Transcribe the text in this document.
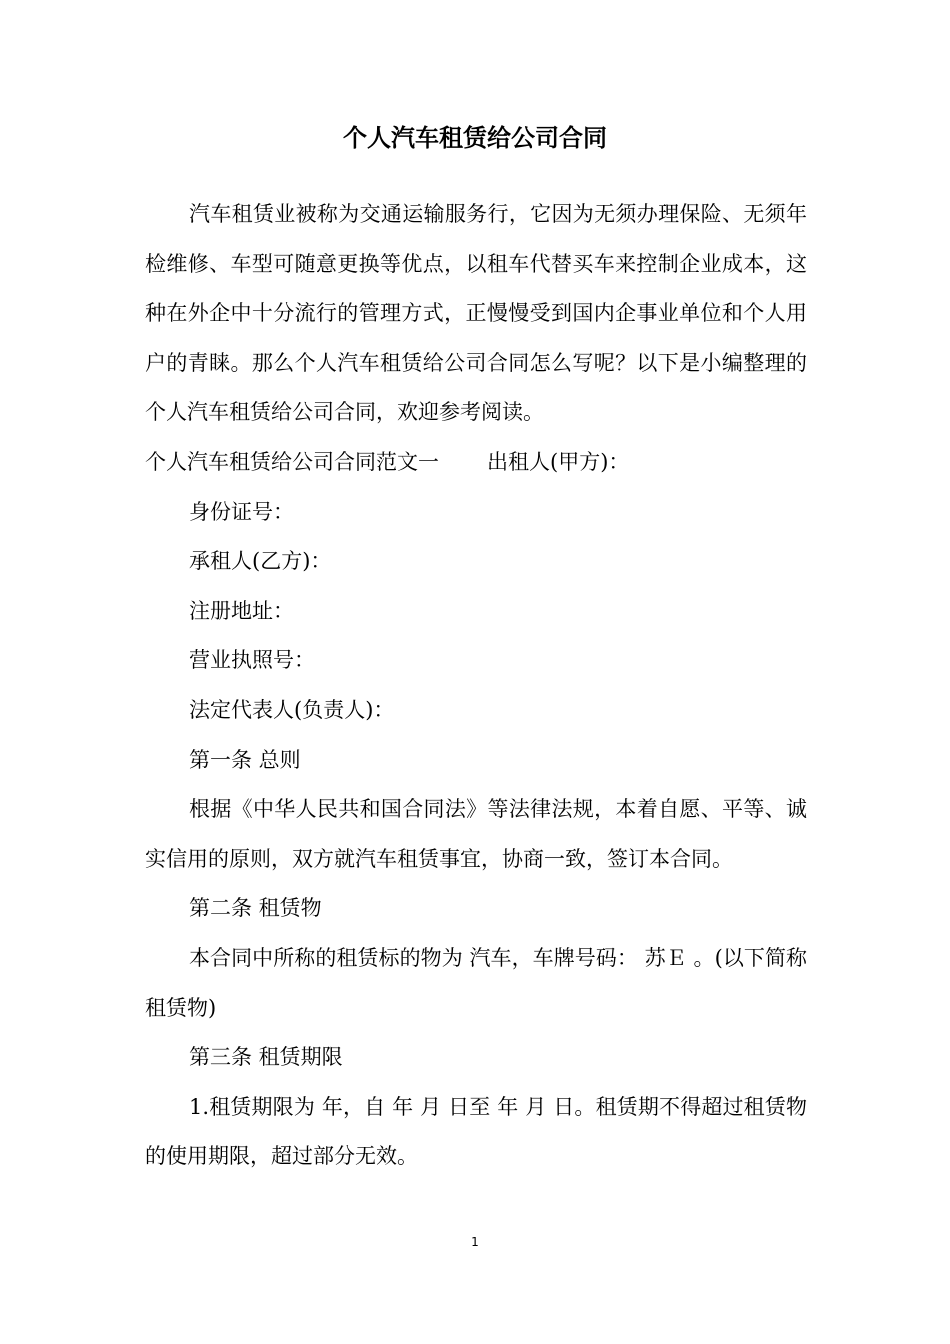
个人汽车租赁给公司合同

汽车租赁业被称为交通运输服务行，它因为无须办理保险、无须年检维修、车型可随意更换等优点，以租车代替买车来控制企业成本，这种在外企中十分流行的管理方式，正慢慢受到国内企事业单位和个人用户的青睐。那么个人汽车租赁给公司合同怎么写呢？以下是小编整理的个人汽车租赁给公司合同，欢迎参考阅读。

个人汽车租赁给公司合同范文一 出租人(甲方)：

身份证号：

承租人(乙方)：

注册地址：

营业执照号：

法定代表人(负责人)：

第一条 总则

根据《中华人民共和国合同法》等法律法规，本着自愿、平等、诚实信用的原则，双方就汽车租赁事宜，协商一致，签订本合同。

第二条 租赁物

本合同中所称的租赁标的物为 汽车，车牌号码： 苏Ｅ 。(以下简称租赁物)

第三条 租赁期限

1.租赁期限为 年，自 年 月 日至 年 月 日。租赁期不得超过租赁物的使用期限，超过部分无效。

1
